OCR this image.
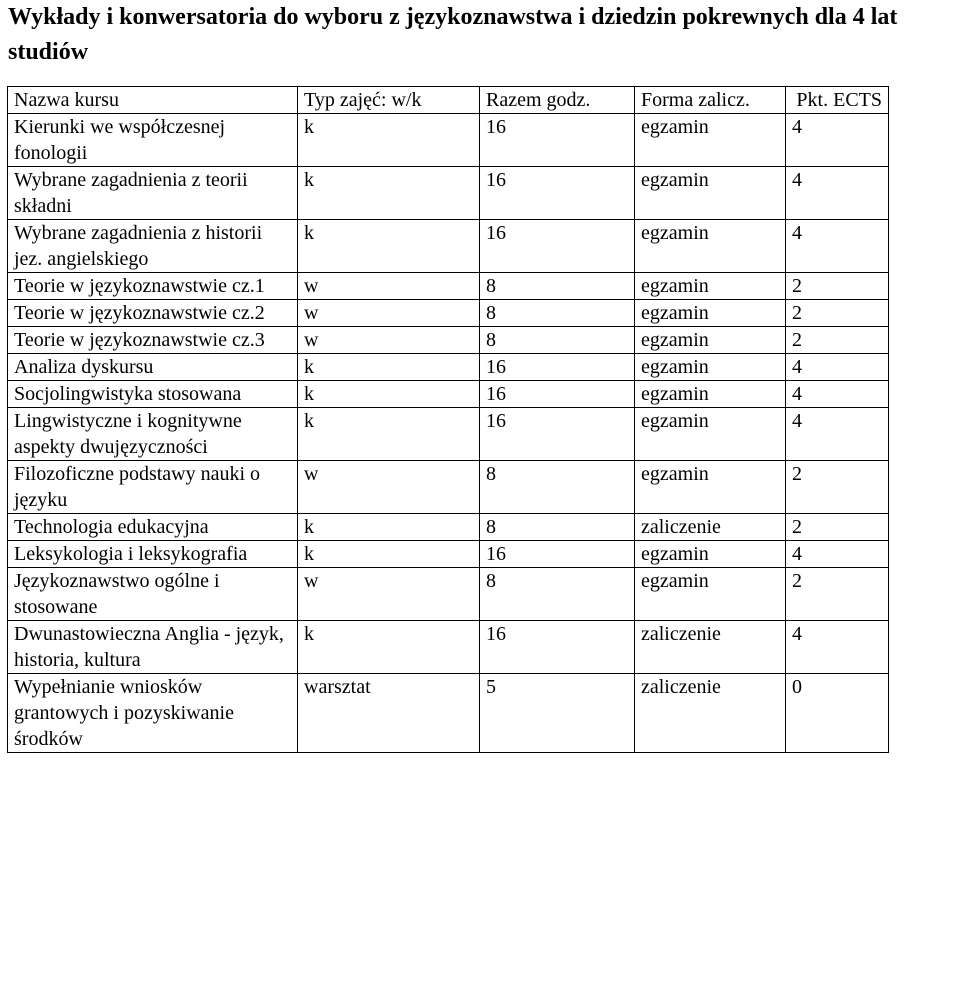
Wykłady i konwersatoria do wyboru z językoznawstwa i dziedzin pokrewnych dla 4 lat studiów
Nazwa kursu	Typ zajęć: w/k	Razem godz.	Forma zalicz.	Pkt. ECTS
Kierunki we współczesnej fonologii	k	16	egzamin	4
Wybrane zagadnienia z teorii składni	k	16	egzamin	4
Wybrane zagadnienia z historii jez. angielskiego	k	16	egzamin	4
Teorie w językoznawstwie cz.1	w	8	egzamin	2
Teorie w językoznawstwie cz.2	w	8	egzamin	2
Teorie w językoznawstwie cz.3	w	8	egzamin	2
Analiza dyskursu	k	16	egzamin	4
Socjolingwistyka stosowana	k	16	egzamin	4
Lingwistyczne i kognitywne aspekty dwujęzyczności	k	16	egzamin	4
Filozoficzne podstawy nauki o języku	w	8	egzamin	2
Technologia edukacyjna	k	8	zaliczenie	2
Leksykologia i leksykografia	k	16	egzamin	4
Językoznawstwo ogólne i stosowane	w	8	egzamin	2
Dwunastowieczna Anglia - język, historia, kultura	k	16	zaliczenie	4
Wypełnianie wniosków grantowych i pozyskiwanie środków	warsztat	5	zaliczenie	0
